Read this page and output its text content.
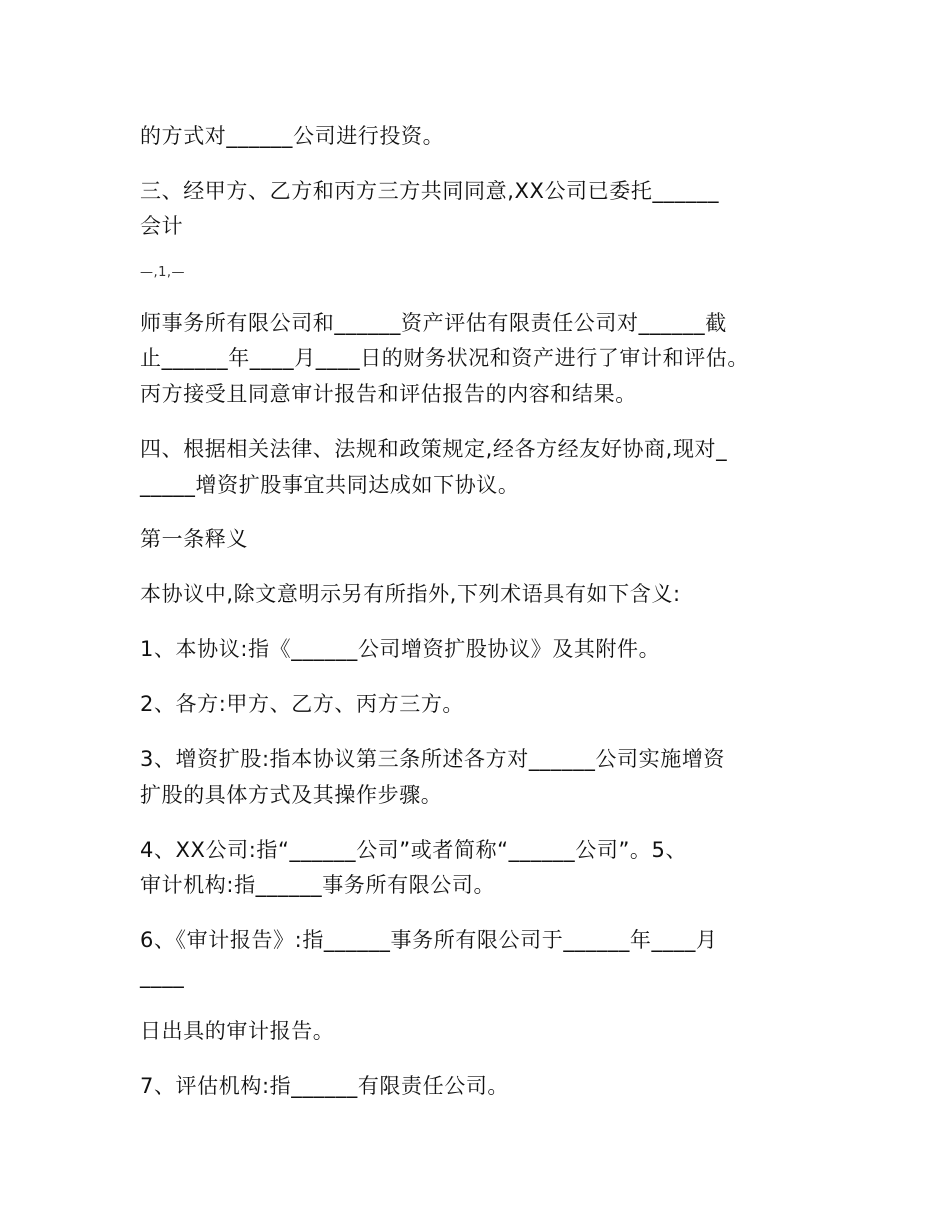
的方式对______公司进行投资。

三、经甲方、乙方和丙方三方共同同意,XX公司已委托______

会计

—,1,—

师事务所有限公司和______资产评估有限责任公司对______截

止______年____月____日的财务状况和资产进行了审计和评估。

丙方接受且同意审计报告和评估报告的内容和结果。

四、根据相关法律、法规和政策规定,经各方经友好协商,现对_

_____增资扩股事宜共同达成如下协议。

第一条释义

本协议中,除文意明示另有所指外,下列术语具有如下含义:

1、本协议:指《______公司增资扩股协议》及其附件。

2、各方:甲方、乙方、丙方三方。

3、增资扩股:指本协议第三条所述各方对______公司实施增资

扩股的具体方式及其操作步骤。

4、XX公司:指“______公司”或者简称“______公司”。5、

审计机构:指______事务所有限公司。

6、《审计报告》:指______事务所有限公司于______年____月

____

日出具的审计报告。

7、评估机构:指______有限责任公司。
